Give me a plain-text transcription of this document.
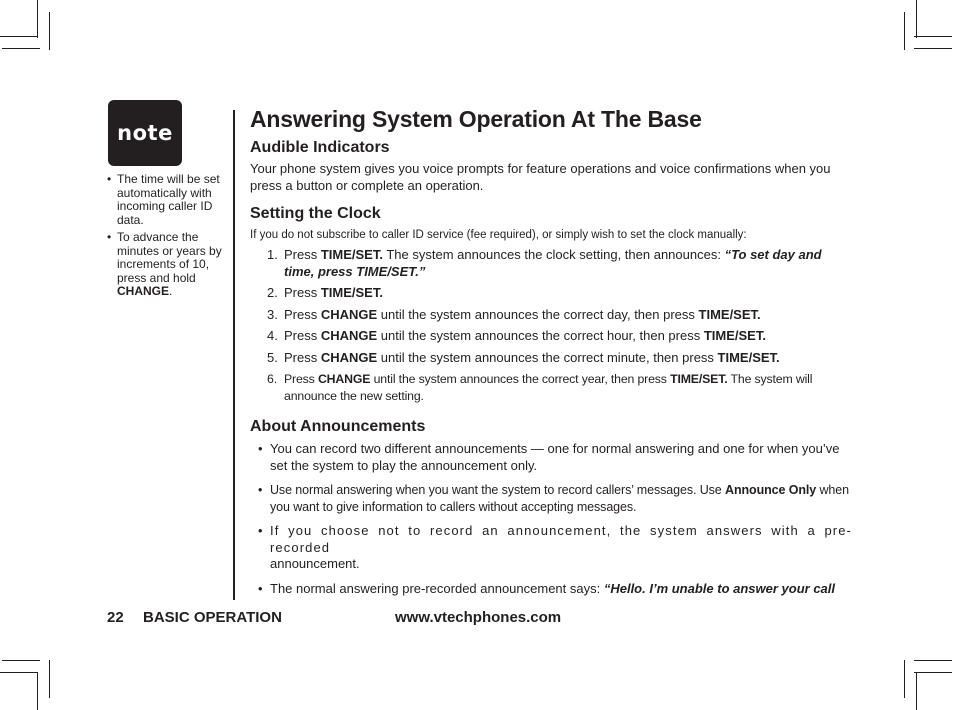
note
• The time will be set automatically with incoming caller ID data.
• To advance the minutes or years by increments of 10, press and hold CHANGE.
Answering System Operation At The Base
Audible Indicators
Your phone system gives you voice prompts for feature operations and voice confirmations when you press a button or complete an operation.
Setting the Clock
If you do not subscribe to caller ID service (fee required), or simply wish to set the clock manually:
1. Press TIME/SET. The system announces the clock setting, then announces: “To set day and time, press TIME/SET.”
2. Press TIME/SET.
3. Press CHANGE until the system announces the correct day, then press TIME/SET.
4. Press CHANGE until the system announces the correct hour, then press TIME/SET.
5. Press CHANGE until the system announces the correct minute, then press TIME/SET.
6. Press CHANGE until the system announces the correct year, then press TIME/SET. The system will announce the new setting.
About Announcements
• You can record two different announcements — one for normal answering and one for when you’ve set the system to play the announcement only.
• Use normal answering when you want the system to record callers’ messages. Use Announce Only when you want to give information to callers without accepting messages.
• If you choose not to record an announcement, the system answers with a pre-recorded
announcement.
• The normal answering pre-recorded announcement says: “Hello. I’m unable to answer your call
22 BASIC OPERATION	www.vtechphones.com
